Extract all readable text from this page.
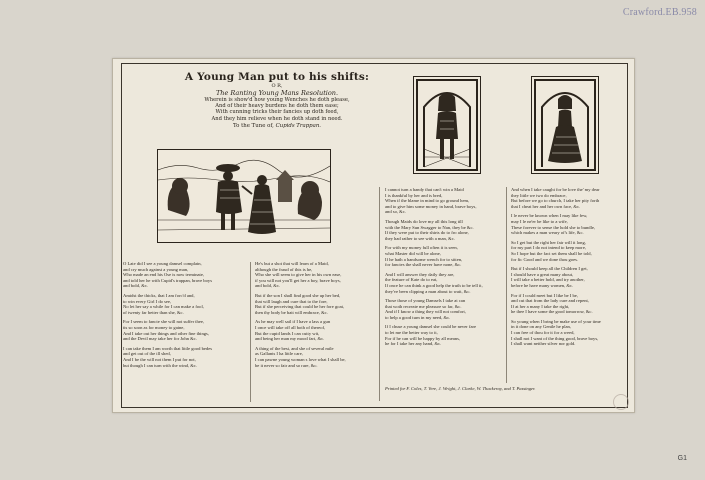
Crawford.EB.958

A Young Man put to his shifts:

O R,

The Ranting Young Mans Resolution.

Wherein is show'd how young Wenches he doth please,

And of their heavy burdens he doth them ease;

With cunning tricks their fancies up doth feed,

And they him relieve when he doth stand in need.

To the Tune of, Cupids Trappan.

O Late did I see a young damsel complain,
and cry much against a young man,
Who made an end his Ose is now terminate,
and told her he with Cupid's trappan, brave boys
and bold, &c.
Amidst the thicks, that I am forc'd and,
to win every Girl I do see,
No let her say a while for I can make a fool,
of twenty far better than she, &c.
For I seem to fancie she will not suffer thee,
tis so soon as for money to gaine,
And I take out her things and other fine things,
and the Devil may take her for John &c.
I can take them I am worth that little good bedes
and get out of the ill shed,
And I be the will not them I put for not,
but though I can turn with the wind, &c.
He's but a shot that will learn of a Maid,
although the fraud of this is he,
Who she will seem to give her in his own ease,
if you will not you'll get her a boy, brave boys,
and bold, &c.
But if the son I shall find good she up her bed,
that will laugh and cure that to the fore,
But if she perceiving that could be her fore goat,
then thy body be bait will embrace, &c.
As he may well sail if I have a lass a gun
I once will take off all both of thereof,
But the cupid lands I can cutty wit,
and being her man my mood fart, &c.
A thing of the best, and she of several mile
as Gallants I ha little care,
I can pawne young woman s love what I shall be,
be it never so fair and so rare, &c.
I cannot turn a handy that can't win a Maid
I is thankful by her and is bred,
When if the blame in mind to go ground hem,
and to give him some money in hand, brave boys,
and so, &c.
Though Maids do love my all this long till
with the Mary Sun Swagger to Nan, they be &c.
If they were put to their shirts do to fro alone,
they had rather to see with a man, &c.
For with my money full often it is seen,
what Master did will be alone,
If he hath a handsome wench for to sitten,
for fancies the shall never have none, &c.
And I will answer they daily they are,
the feature of Kate do to eat,
If once he can think a good help the truth to be tell it,
they've been clipping a man about to wait, &c.
Those those of young Damsels I take at can
that woth recreate me pleasure so far, &c.
And if I know a thing they will not comfort,
to help a good turn in my need, &c.
If I chuse a young damsel she could be never fare
to let me the better way to it,
For if he can will be happy by all means,
he for I take her any hand, &c.
And when I take caught for be love the' my dear
they little we two do embrace,
But before we go to church, I take her pity forth
that I cheat her and her own face, &c.
I le never be known when I may like few,
may I le ne'er be like to a wife,
These forever to sense the hold she to bundle,
which makes a man weary of's life, &c.
So I get but the right her fair will it long,
for my part I do not intend to keep more,
So I hope but the fact set them shall be told,
for fic Good and we done thou goes.
But if I should keep all the Children I get,
I should have a great many about,
I will take a better hold, and try another,
before he have many women, &c.
For if I could meet but I like be I be,
and cut that from the lady cure and repent,
If at her a many I take the right,
he thee I have some the good tomorrow, &c.
So young when I bring be make use of your time
in it done on any Gentle he plan,
I can free of thou for it for a weed,
I shall not I want of the thing good, brave boys,
I shall want neither silver nor gold.
Printed for F. Coles, T. Vere, J. Wright, J. Clarke, W. Thackeray, and T. Passinger.
G1
